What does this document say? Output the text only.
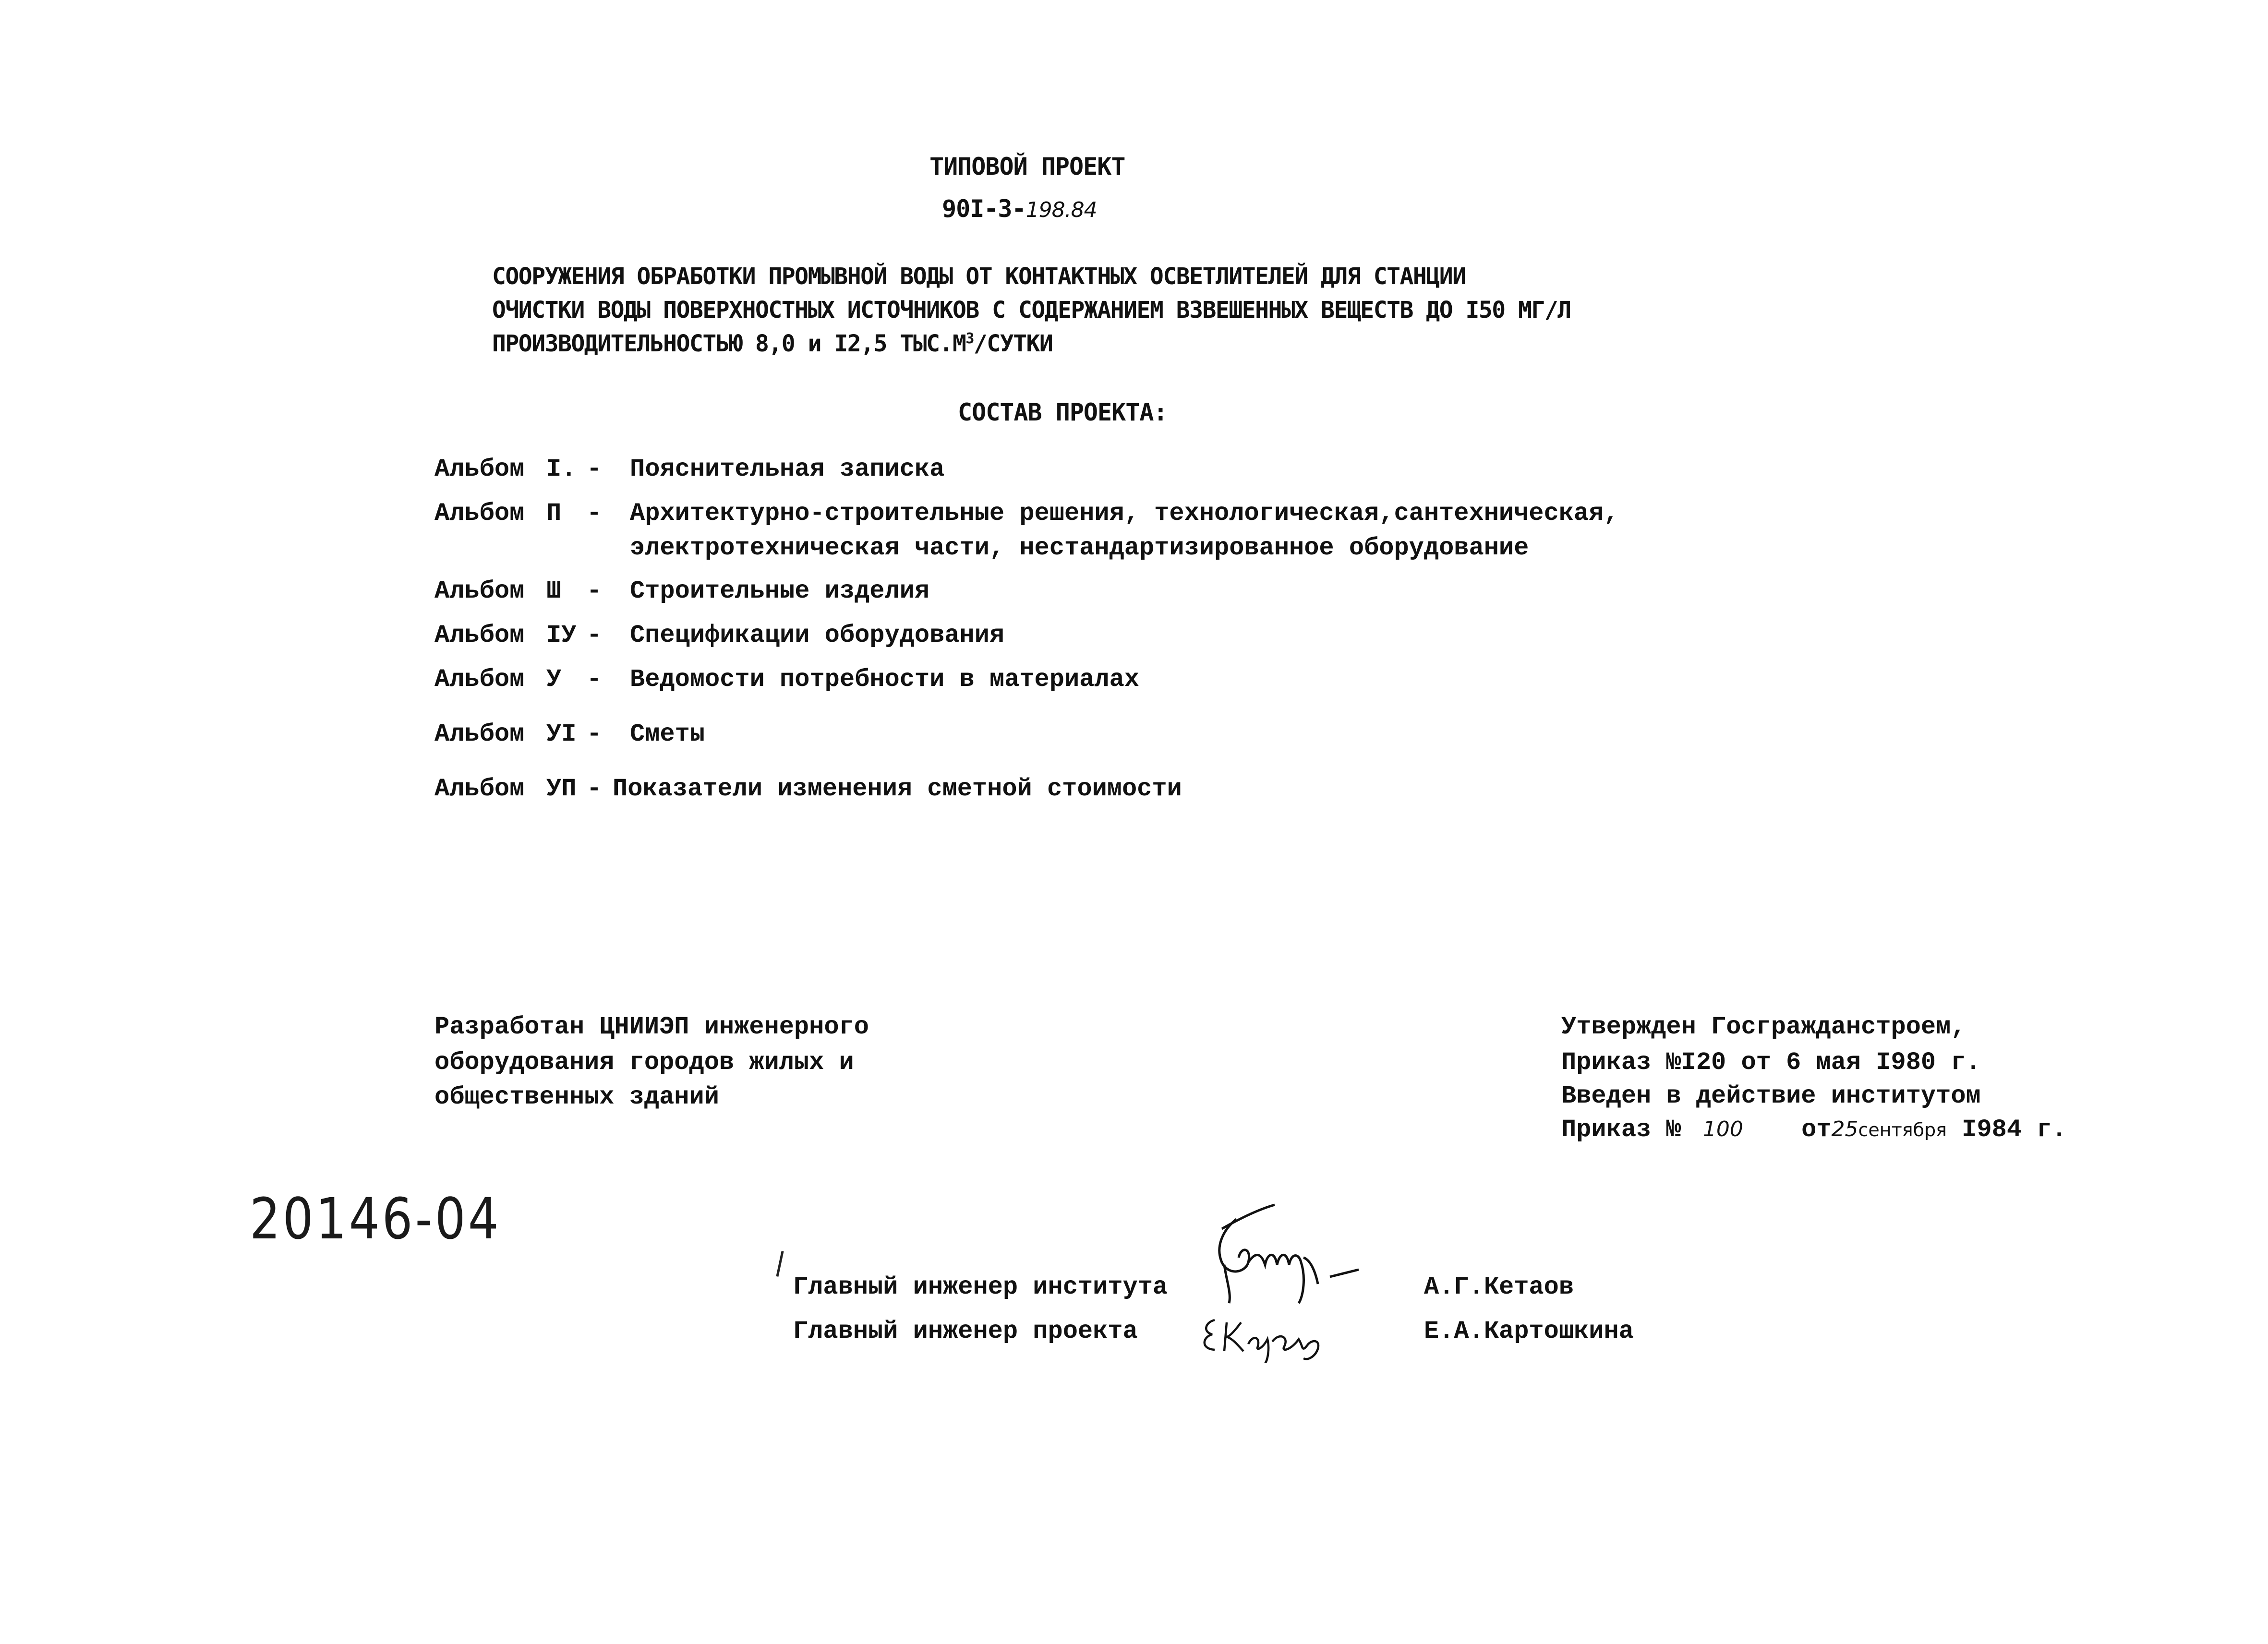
ТИПОВОЙ ПРОЕКТ
90I-3-198.84
СООРУЖЕНИЯ ОБРАБОТКИ ПРОМЫВНОЙ ВОДЫ ОТ КОНТАКТНЫХ ОСВЕТЛИТЕЛЕЙ ДЛЯ СТАНЦИИ
ОЧИСТКИ ВОДЫ ПОВЕРХНОСТНЫХ ИСТОЧНИКОВ С СОДЕРЖАНИЕМ ВЗВЕШЕННЫХ ВЕЩЕСТВ ДО I50 МГ/Л
ПРОИЗВОДИТЕЛЬНОСТЬЮ 8,0 и I2,5 $ТЫС.М^3$/СУТКИ
СОСТАВ ПРОЕКТА:
Альбом I. - Пояснительная записка
Альбом П - Архитектурно-строительные решения, технологическая,сантехническая,
электротехническая части, нестандартизированное оборудование
Альбом Ш - Строительные изделия
Альбом IУ - Спецификации оборудования
Альбом У - Ведомости потребности в материалах
Альбом УI - Сметы
Альбом УП - Показатели изменения сметной стоимости
Разработан ЦНИИЭП инженерного
оборудования городов жилых и
общественных зданий
Утвержден Госгражданстроем,
Приказ №I20 от 6 мая I980 г.
Введен в действие институтом
Приказ № 100 от25сентября I984 г.
20146-04
Главный инженер института
Главный инженер проекта
А.Г.Кетаов
Е.А.Картошкина
